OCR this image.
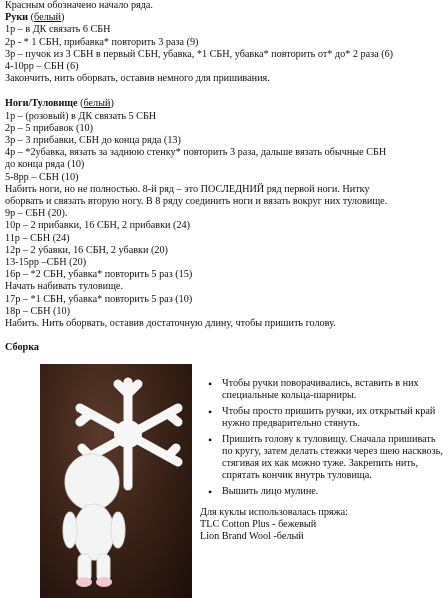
Красным обозначено начало ряда.
Руки (белый)
1р – в ДК связать 6 СБН
2р - * 1 СБН, прибавка* повторить 3 раза (9)
3р – пучок из 3 СБН в первый СБН, убавка, *1 СБН, убавка* повторить от* до* 2 раза (6)
4-10рр – СБН (6)
Закончить, нить оборвать, оставив немного для пришивания.
Ноги/Туловище (белый)
1р – (розовый) в ДК связать 5 СБН
2р – 5 прибавок (10)
3р – 3 прибавки, СБН до конца ряда (13)
4р – *2убавка, вязать за заднюю стенку* повторить 3 раза, дальше вязать обычные СБН
до конца ряда (10)
5-8рр – СБН (10)
Набить ноги, но не полностью. 8-й ряд – это ПОСЛЕДНИЙ ряд первой ноги. Нитку
оборвать и связать вторую ногу. В 8 ряду соединить ноги и вязать вокруг них туловище.
9р – СБН (20).
10р – 2 прибавки, 16 СБН, 2 прибавки (24)
11р – СБН (24)
12р – 2 убавки, 16 СБН, 2 убавки (20)
13-15рр –СБН (20)
16р – *2 СБН, убавка* повторить 5 раз (15)
Начать набивать туловище.
17р – *1 СБН, убавка* повторить 5 раз (10)
18р – СБН (10)
Набить. Нить оборвать, оставив достаточную длину, чтобы пришить голову.
Сборка
• Чтобы ручки поворачивались, вставить в них специальные кольца-шарниры.
• Чтобы просто пришить ручки, их открытый край нужно предварительно стянуть.
• Пришить голову к туловищу. Сначала пришивать по кругу, затем делать стежки через шею насквозь, стягивая их как можно туже. Закрепить нить, спрятать кончик внутрь туловища.
• Вышить лицо мулине.
Для куклы использовалась пряжа:
TLC Cotton Plus - бежевый
Lion Brand Wool -белый
